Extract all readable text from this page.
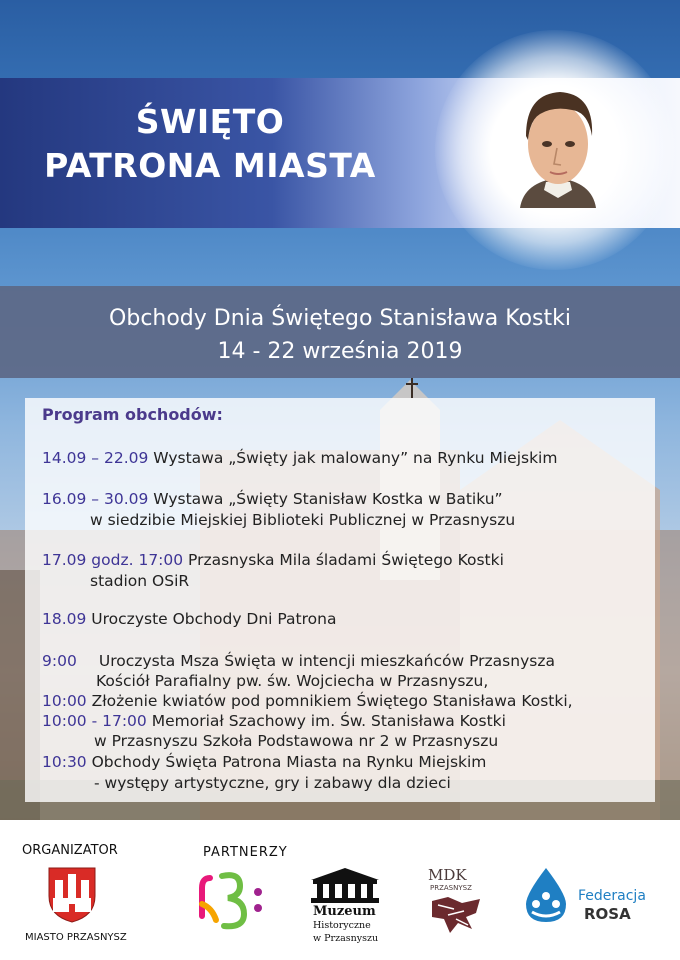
ŚWIĘTO
PATRONA MIASTA
Obchody Dnia Świętego Stanisława Kostki
14 - 22 września 2019
Program obchodów:
14.09 – 22.09 Wystawa „Święty jak malowany” na Rynku Miejskim
16.09 – 30.09 Wystawa „Święty Stanisław Kostka w Batiku”
w siedzibie Miejskiej Biblioteki Publicznej w Przasnyszu
17.09 godz. 17:00 Przasnyska Mila śladami Świętego Kostki
stadion OSiR
18.09 Uroczyste Obchody Dni Patrona
9:00 Uroczysta Msza Święta w intencji mieszkańców Przasnysza
Kościół Parafialny pw. św. Wojciecha w Przasnyszu,
10:00 Złożenie kwiatów pod pomnikiem Świętego Stanisława Kostki,
10:00 - 17:00 Memoriał Szachowy im. Św. Stanisława Kostki
w Przasnyszu Szkoła Podstawowa nr 2 w Przasnyszu
10:30 Obchody Święta Patrona Miasta na Rynku Miejskim
- występy artystyczne, gry i zabawy dla dzieci
ORGANIZATOR
MIASTO PRZASNYSZ
PARTNERZY
Muzeum
Historyczne
w Przasnyszu
MDK
PRZASNYSZ	Federacja
ROSA
